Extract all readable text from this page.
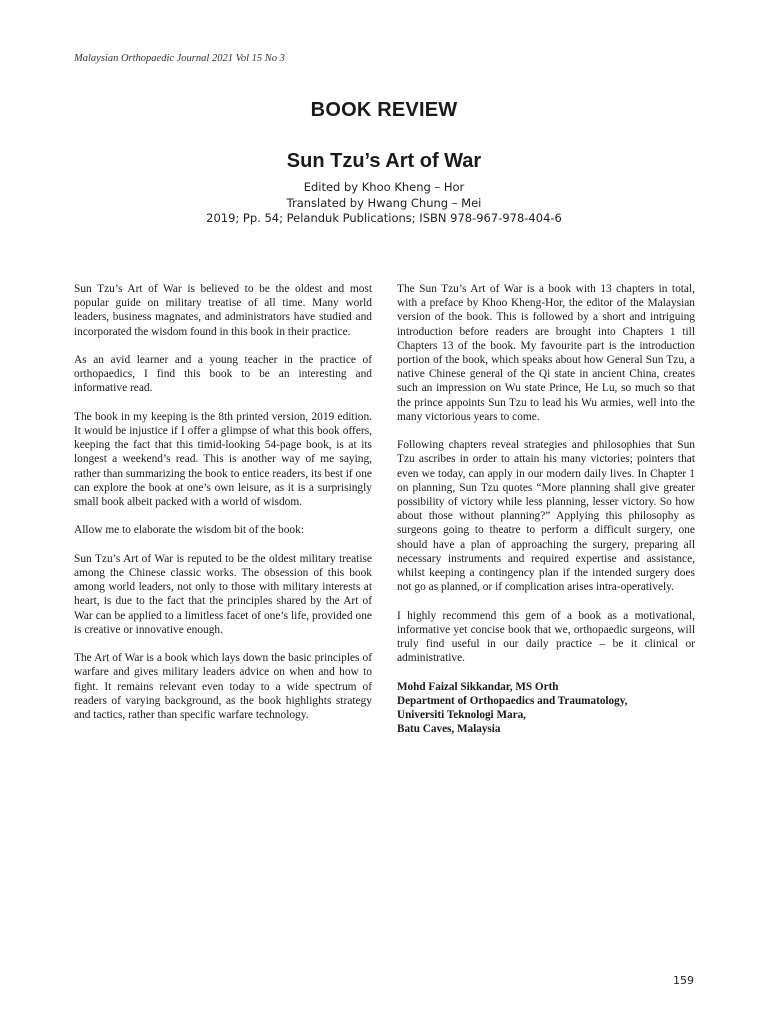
Malaysian Orthopaedic Journal 2021 Vol 15 No 3
BOOK REVIEW
Sun Tzu’s Art of War
Edited by Khoo Kheng – Hor
Translated by Hwang Chung – Mei
2019; Pp. 54; Pelanduk Publications; ISBN 978-967-978-404-6

Sun Tzu’s Art of War is believed to be the oldest and most popular guide on military treatise of all time. Many world leaders, business magnates, and administrators have studied and incorporated the wisdom found in this book in their practice.

As an avid learner and a young teacher in the practice of orthopaedics, I find this book to be an interesting and informative read.

The book in my keeping is the 8th printed version, 2019 edition. It would be injustice if I offer a glimpse of what this book offers, keeping the fact that this timid-looking 54-page book, is at its longest a weekend’s read. This is another way of me saying, rather than summarizing the book to entice readers, its best if one can explore the book at one’s own leisure, as it is a surprisingly small book albeit packed with a world of wisdom.

Allow me to elaborate the wisdom bit of the book:

Sun Tzu’s Art of War is reputed to be the oldest military treatise among the Chinese classic works. The obsession of this book among world leaders, not only to those with military interests at heart, is due to the fact that the principles shared by the Art of War can be applied to a limitless facet of one’s life, provided one is creative or innovative enough.

The Art of War is a book which lays down the basic principles of warfare and gives military leaders advice on when and how to fight. It remains relevant even today to a wide spectrum of readers of varying background, as the book highlights strategy and tactics, rather than specific warfare technology.

The Sun Tzu’s Art of War is a book with 13 chapters in total, with a preface by Khoo Kheng-Hor, the editor of the Malaysian version of the book. This is followed by a short and intriguing introduction before readers are brought into Chapters 1 till Chapters 13 of the book. My favourite part is the introduction portion of the book, which speaks about how General Sun Tzu, a native Chinese general of the Qi state in ancient China, creates such an impression on Wu state Prince, He Lu, so much so that the prince appoints Sun Tzu to lead his Wu armies, well into the many victorious years to come.

Following chapters reveal strategies and philosophies that Sun Tzu ascribes in order to attain his many victories; pointers that even we today, can apply in our modern daily lives. In Chapter 1 on planning, Sun Tzu quotes “More planning shall give greater possibility of victory while less planning, lesser victory. So how about those without planning?” Applying this philosophy as surgeons going to theatre to perform a difficult surgery, one should have a plan of approaching the surgery, preparing all necessary instruments and required expertise and assistance, whilst keeping a contingency plan if the intended surgery does not go as planned, or if complication arises intra-operatively.

I highly recommend this gem of a book as a motivational, informative yet concise book that we, orthopaedic surgeons, will truly find useful in our daily practice – be it clinical or administrative.

Mohd Faizal Sikkandar, MS Orth
Department of Orthopaedics and Traumatology,
Universiti Teknologi Mara,
Batu Caves, Malaysia
159
